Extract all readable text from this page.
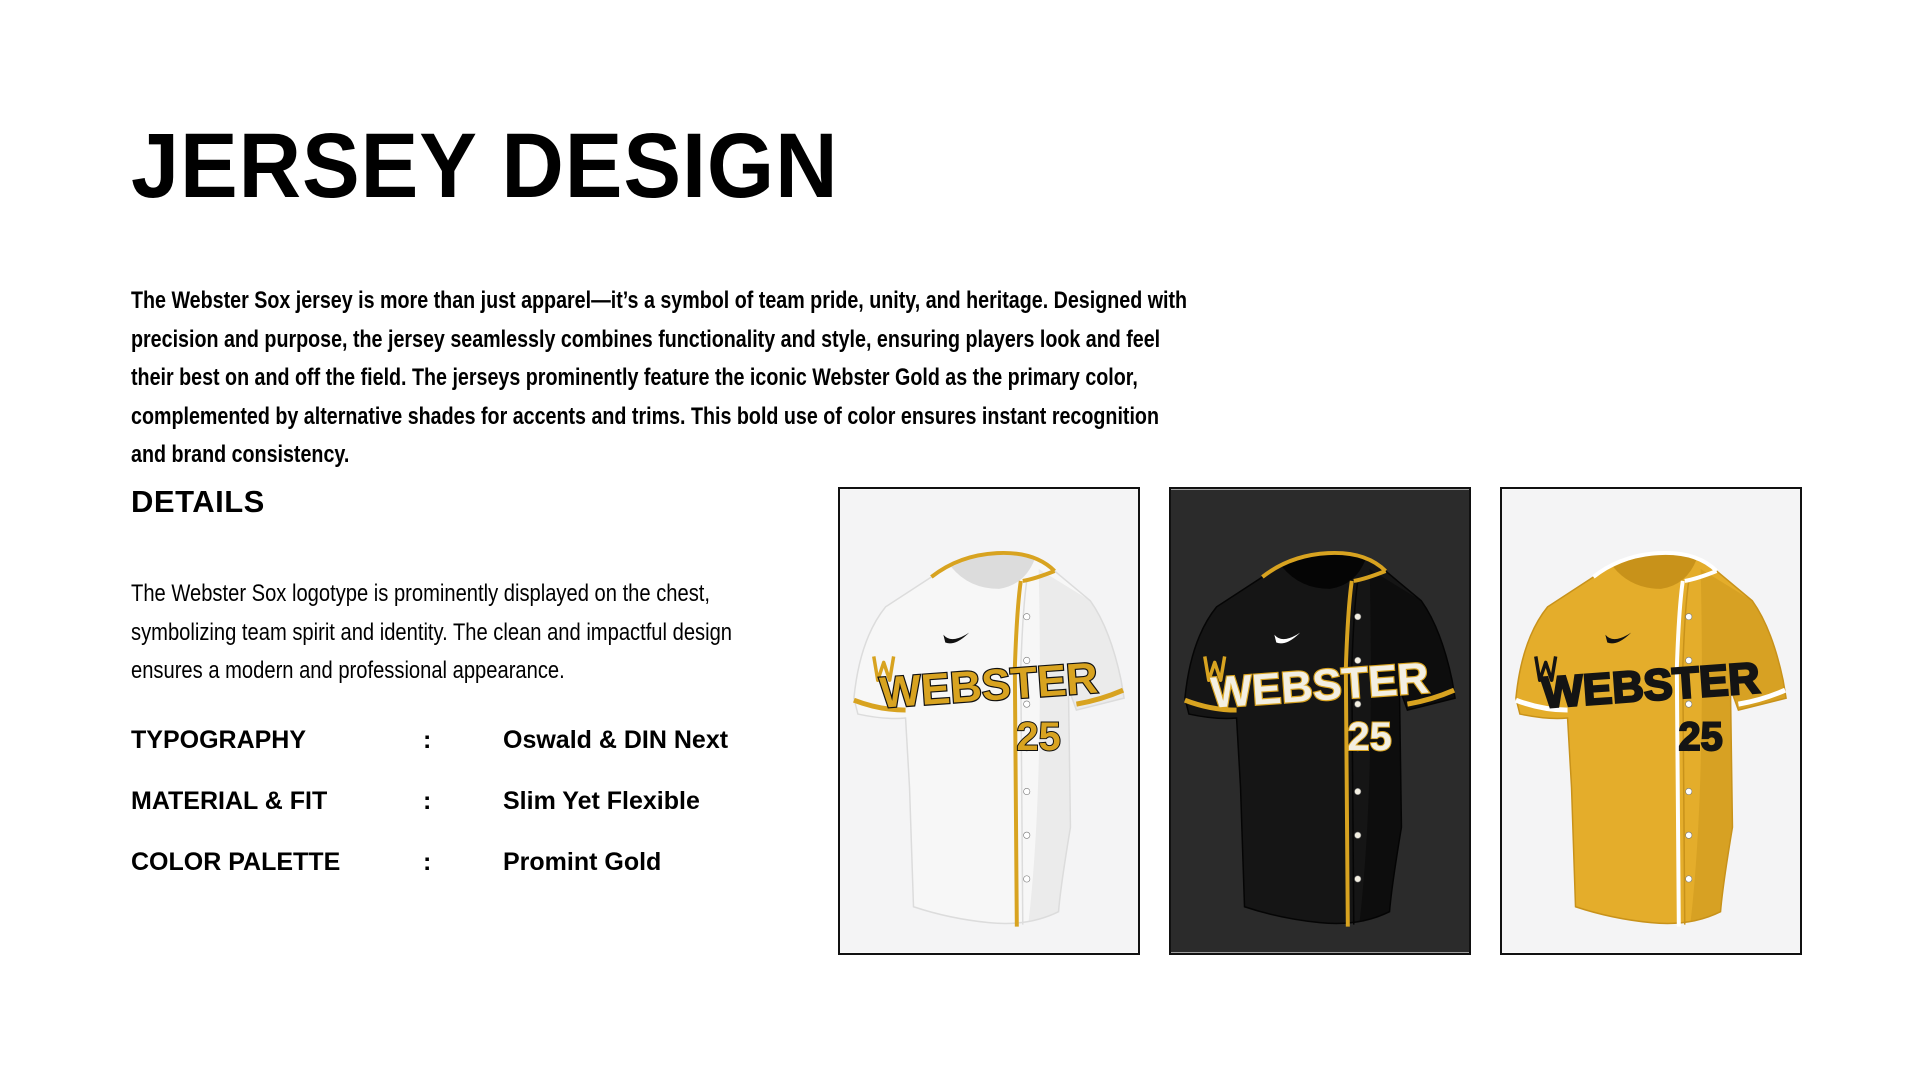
JERSEY DESIGN

The Webster Sox jersey is more than just apparel—it’s a symbol of team pride, unity, and heritage. Designed with precision and purpose, the jersey seamlessly combines functionality and style, ensuring players look and feel their best on and off the field. The jerseys prominently feature the iconic Webster Gold as the primary color, complemented by alternative shades for accents and trims. This bold use of color ensures instant recognition and brand consistency.

DETAILS

The Webster Sox logotype is prominently displayed on the chest, symbolizing team spirit and identity. The clean and impactful design ensures a modern and professional appearance.

TYPOGRAPHY	:	Oswald & DIN Next
MATERIAL & FIT	:	Slim Yet Flexible
COLOR PALETTE	:	Promint Gold
WEBSTER
25
WEBSTER
25
WEBSTER
25
